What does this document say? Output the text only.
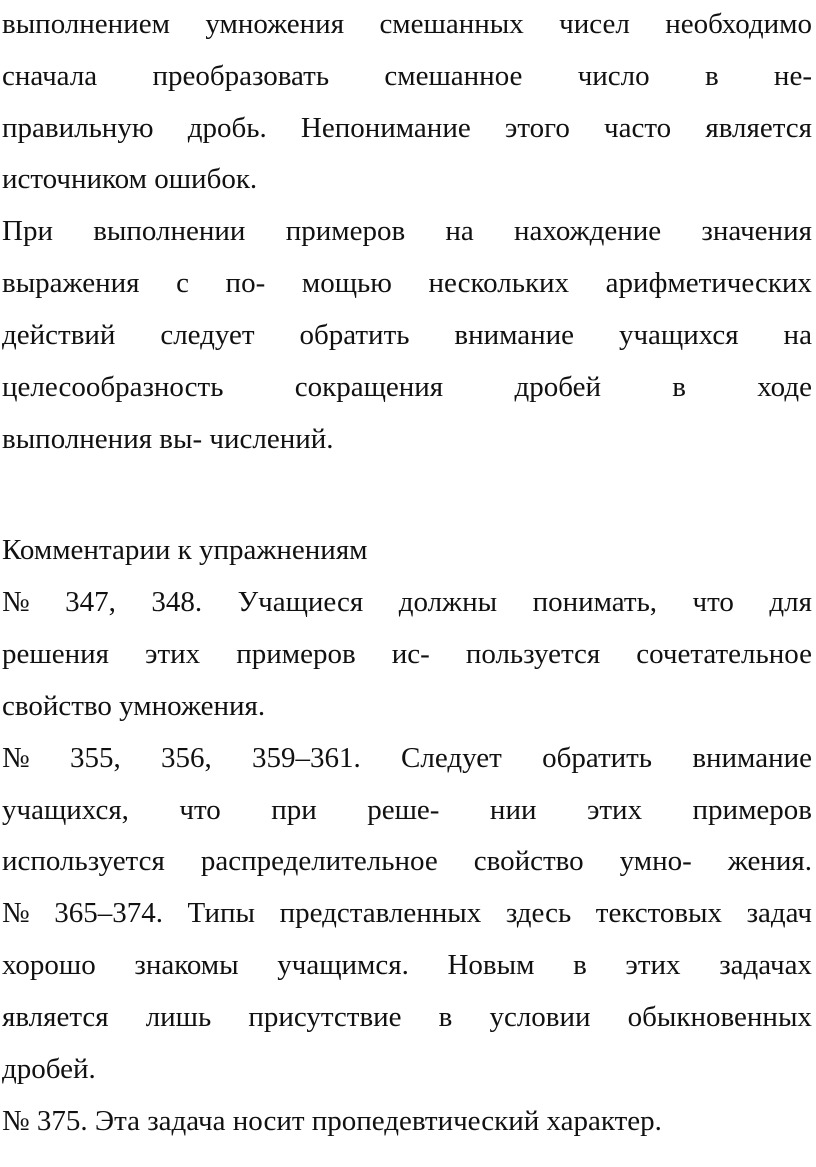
выполнением умножения смешанных чисел необходимо
сначала преобразовать смешанное число в не-
правильную дробь. Непонимание этого часто является
источником ошибок.
При выполнении примеров на нахождение значения
выражения с по- мощью нескольких арифметических
действий следует обратить внимание учащихся на
целесообразность сокращения дробей в ходе
выполнения вы- числений.
Комментарии к упражнениям
№ 347, 348. Учащиеся должны понимать, что для
решения этих примеров ис- пользуется сочетательное
свойство умножения.
№ 355, 356, 359–361. Следует обратить внимание
учащихся, что при реше- нии этих примеров
используется распределительное свойство умно- жения.
№ 365–374. Типы представленных здесь текстовых задач
хорошо знакомы учащимся. Новым в этих задачах
является лишь присутствие в условии обыкновенных
дробей.
№ 375. Эта задача носит пропедевтический характер.
